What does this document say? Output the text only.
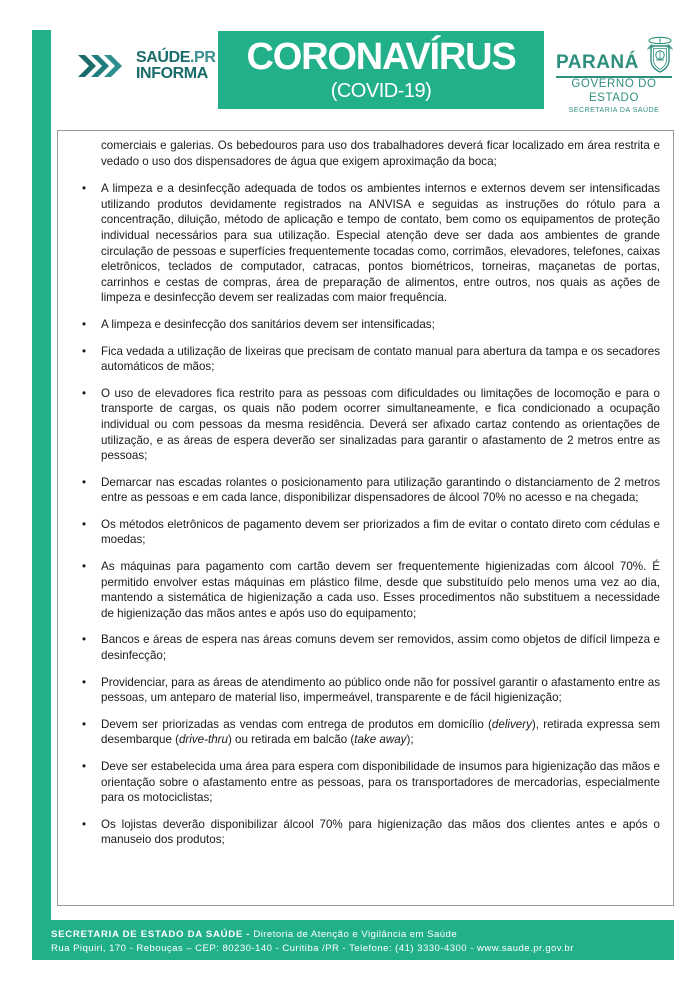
SAÚDE.PR
INFORMA CORONAVÍRUS
(COVID-19)
PARANÁ
GOVERNO DO ESTADO
SECRETARIA DA SAÚDE

comerciais e galerias. Os bebedouros para uso dos trabalhadores deverá ficar localizado em área restrita e vedado o uso dos dispensadores de água que exigem aproximação da boca;

•	A limpeza e a desinfecção adequada de todos os ambientes internos e externos devem ser intensificadas utilizando produtos devidamente registrados na ANVISA e seguidas as instruções do rótulo para a concentração, diluição, método de aplicação e tempo de contato, bem como os equipamentos de proteção individual necessários para sua utilização. Especial atenção deve ser dada aos ambientes de grande circulação de pessoas e superfícies frequentemente tocadas como, corrimãos, elevadores, telefones, caixas eletrônicos, teclados de computador, catracas, pontos biométricos, torneiras, maçanetas de portas, carrinhos e cestas de compras, área de preparação de alimentos, entre outros, nos quais as ações de limpeza e desinfecção devem ser realizadas com maior frequência.
•	A limpeza e desinfecção dos sanitários devem ser intensificadas;
•	Fica vedada a utilização de lixeiras que precisam de contato manual para abertura da tampa e os secadores automáticos de mãos;
•	O uso de elevadores fica restrito para as pessoas com dificuldades ou limitações de locomoção e para o transporte de cargas, os quais não podem ocorrer simultaneamente, e fica condicionado a ocupação individual ou com pessoas da mesma residência. Deverá ser afixado cartaz contendo as orientações de utilização, e as áreas de espera deverão ser sinalizadas para garantir o afastamento de 2 metros entre as pessoas;
•	Demarcar nas escadas rolantes o posicionamento para utilização garantindo o distanciamento de 2 metros entre as pessoas e em cada lance, disponibilizar dispensadores de álcool 70% no acesso e na chegada;
•	Os métodos eletrônicos de pagamento devem ser priorizados a fim de evitar o contato direto com cédulas e moedas;
•	As máquinas para pagamento com cartão devem ser frequentemente higienizadas com álcool 70%. É permitido envolver estas máquinas em plástico filme, desde que substituído pelo menos uma vez ao dia, mantendo a sistemática de higienização a cada uso. Esses procedimentos não substituem a necessidade de higienização das mãos antes e após uso do equipamento;
•	Bancos e áreas de espera nas áreas comuns devem ser removidos, assim como objetos de difícil limpeza e desinfecção;
•	Providenciar, para as áreas de atendimento ao público onde não for possível garantir o afastamento entre as pessoas, um anteparo de material liso, impermeável, transparente e de fácil higienização;
•	Devem ser priorizadas as vendas com entrega de produtos em domicílio (delivery), retirada expressa sem desembarque (drive-thru) ou retirada em balcão (take away);
•	Deve ser estabelecida uma área para espera com disponibilidade de insumos para higienização das mãos e orientação sobre o afastamento entre as pessoas, para os transportadores de mercadorias, especialmente para os motociclistas;
•	Os lojistas deverão disponibilizar álcool 70% para higienização das mãos dos clientes antes e após o manuseio dos produtos;
SECRETARIA DE ESTADO DA SAÚDE - Diretoria de Atenção e Vigilância em Saúde
Rua Piquiri, 170 - Rebouças – CEP: 80230-140 - Curitiba /PR - Telefone: (41) 3330-4300 - www.saude.pr.gov.br
